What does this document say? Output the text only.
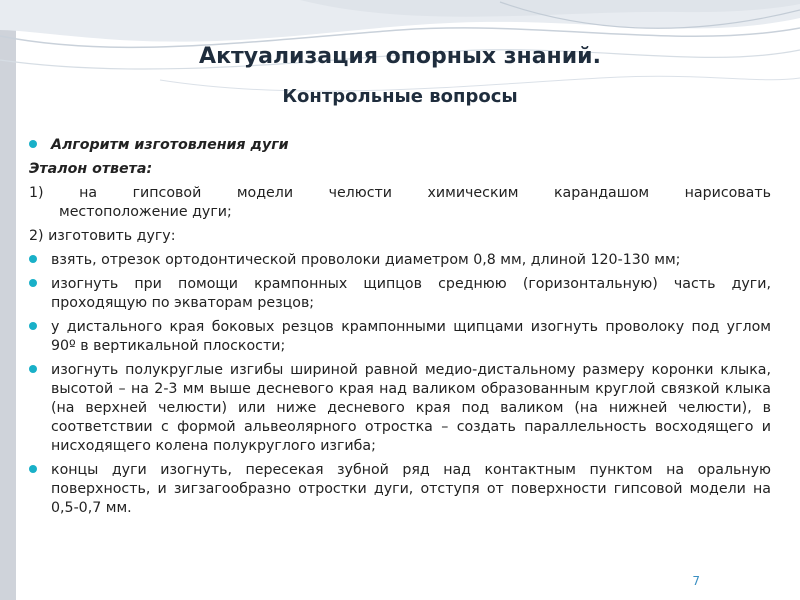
Актуализация опорных знаний.
Контрольные вопросы

Алгоритм изготовления дуги

Эталон ответа:

1) на гипсовой модели челюсти химическим карандашом нарисовать
местоположение дуги;

2) изготовить дугу:

взять, отрезок ортодонтической проволоки диаметром 0,8 мм, длиной 120-130 мм;

изогнуть при помощи крампонных щипцов среднюю (горизонтальную) часть дуги, проходящую по экваторам резцов;

у дистального края боковых резцов крампонными щипцами изогнуть проволоку под углом 90º в вертикальной плоскости;

изогнуть полукруглые изгибы шириной равной медио-дистальному размеру коронки клыка, высотой – на 2-3 мм выше десневого края над валиком образованным круглой связкой клыка (на верхней челюсти) или ниже десневого края под валиком (на нижней челюсти), в соответствии с формой альвеолярного отростка – создать параллельность восходящего и нисходящего колена полукруглого изгиба;

концы дуги изогнуть, пересекая зубной ряд над контактным пунктом на оральную поверхность, и зигзагообразно отростки дуги, отступя от поверхности гипсовой модели на 0,5-0,7 мм.

7
